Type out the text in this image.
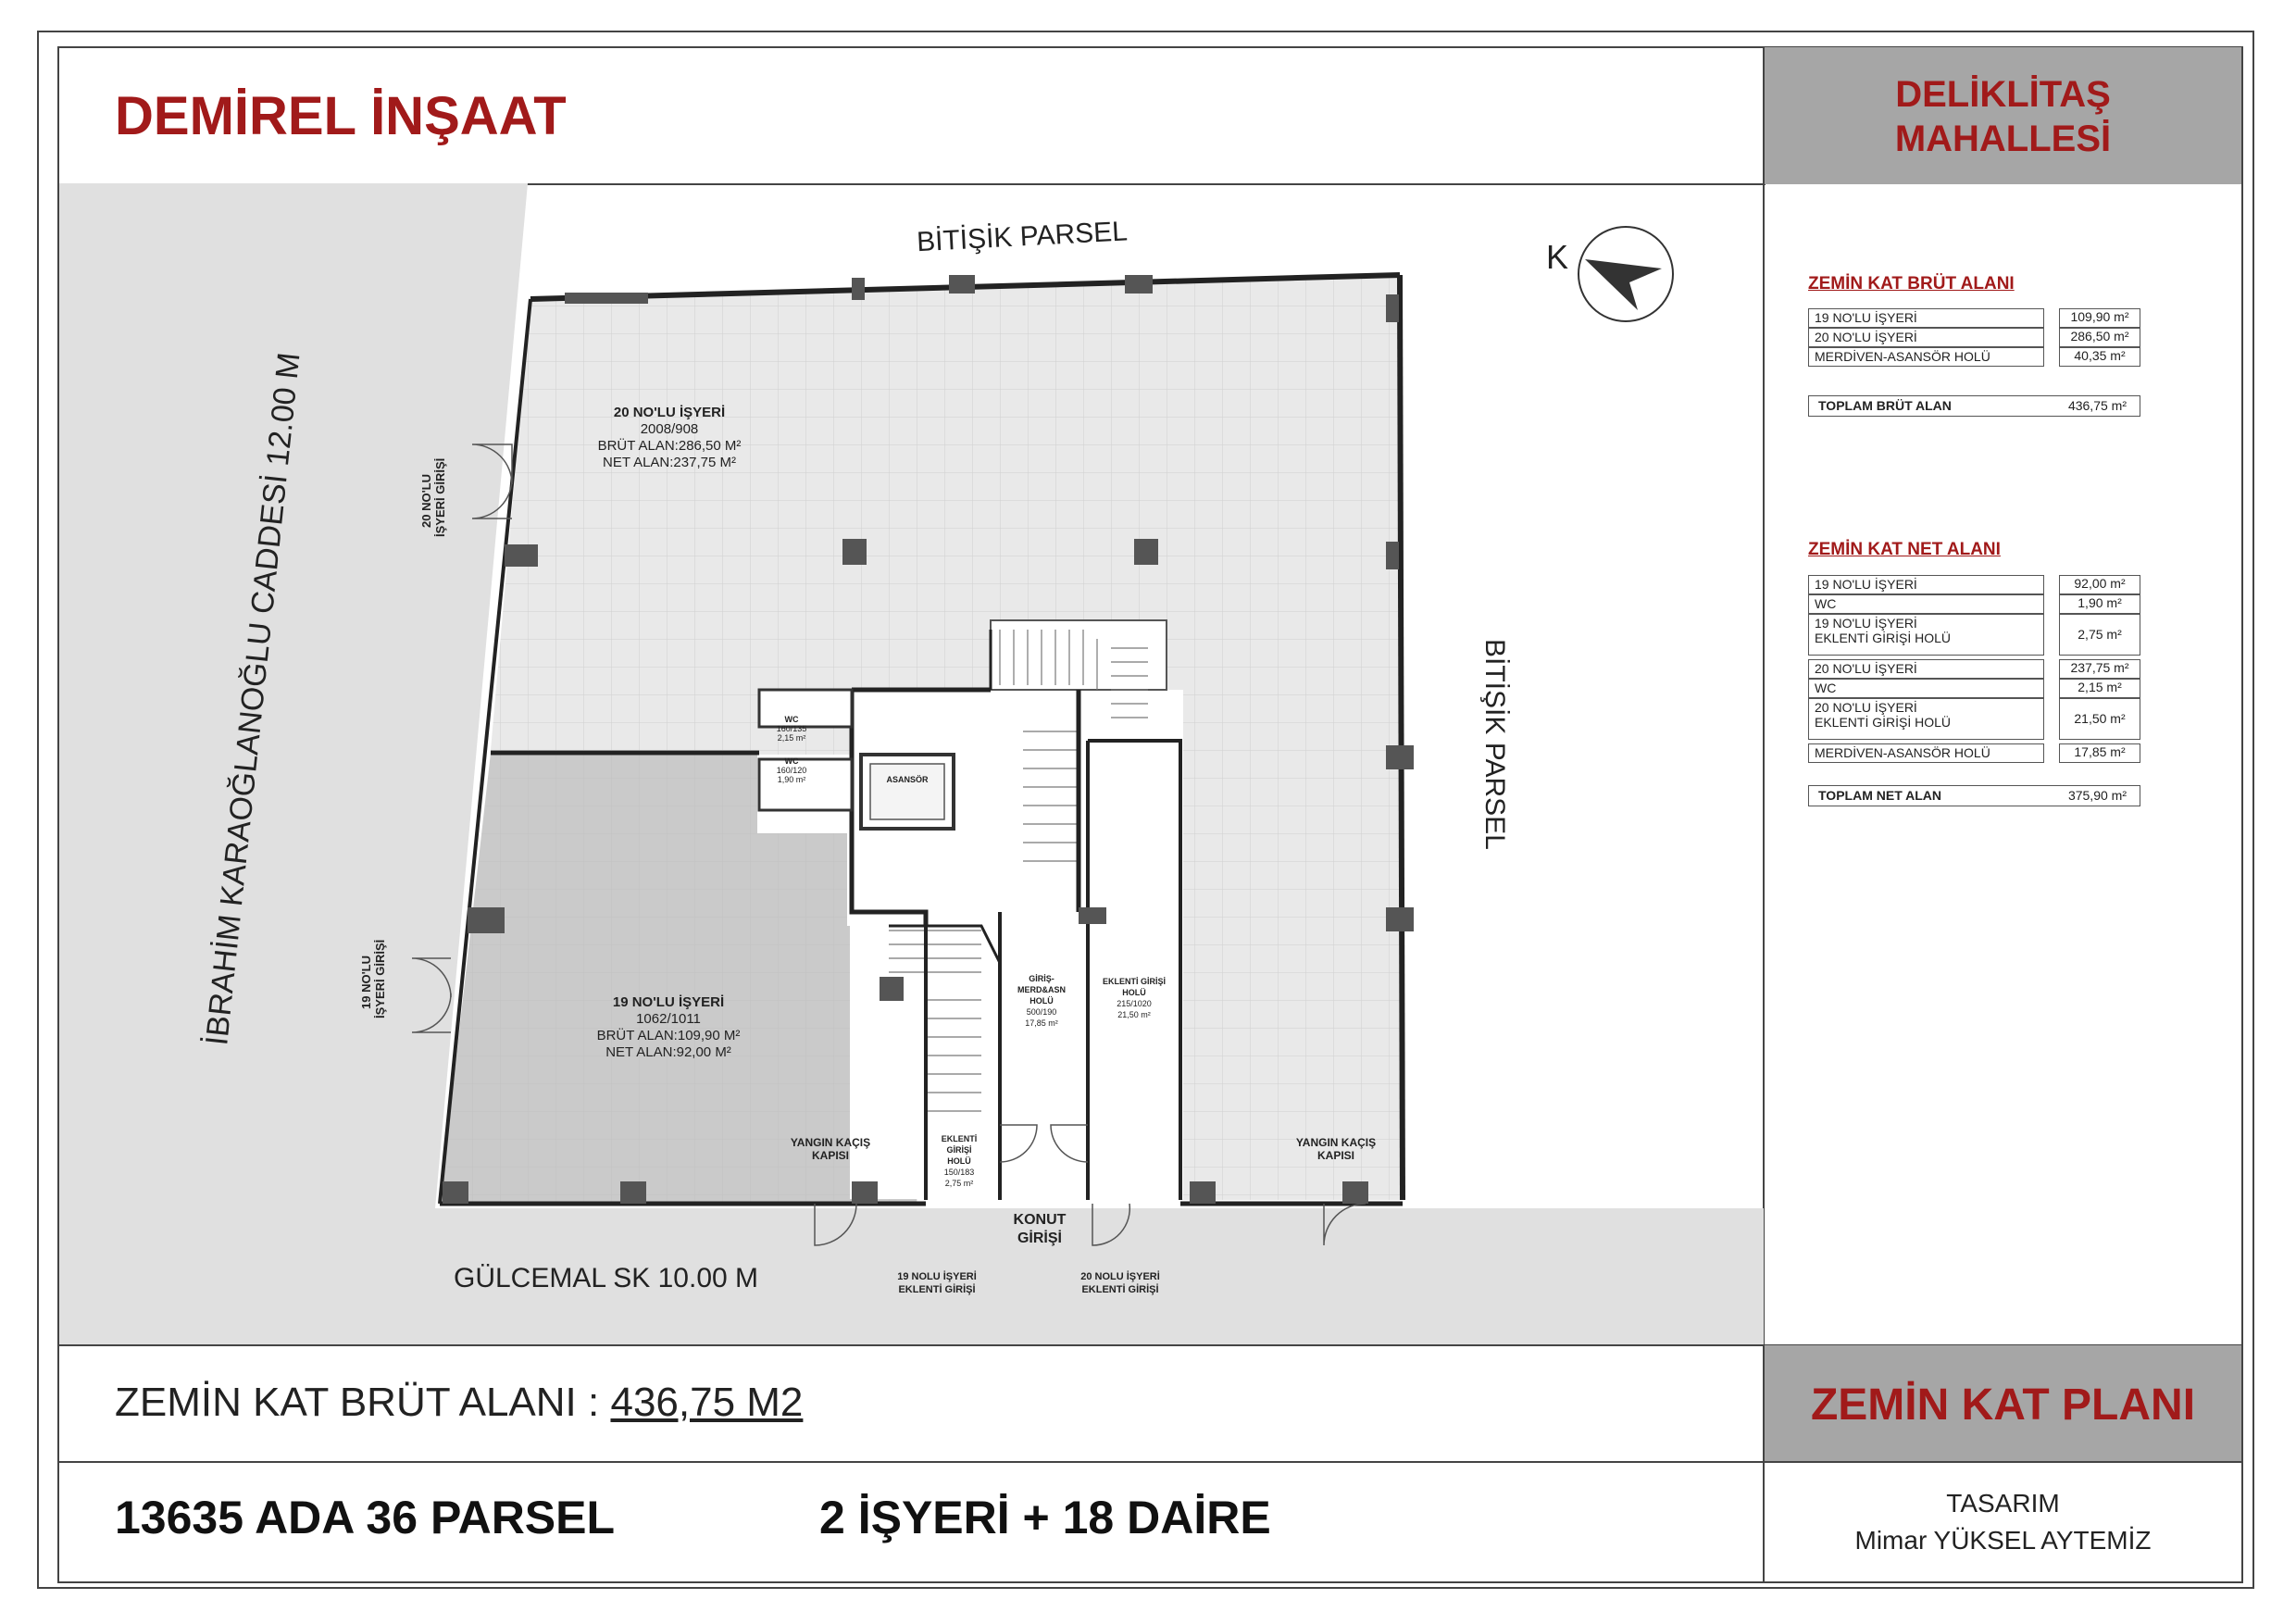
DEMİREL İNŞAAT	DELİKLİTAŞ
MAHALLESİ
K
BİTİŞİK PARSEL
BİTİŞİK PARSEL
İBRAHİM KARAOĞLANOĞLU CADDESİ 12.00 M
GÜLCEMAL SK 10.00 M
20 NO'LU İŞYERİ
2008/908
BRÜT ALAN:286,50 M²
NET ALAN:237,75 M²
19 NO'LU İŞYERİ
1062/1011
BRÜT ALAN:109,90 M²
NET ALAN:92,00 M²
20 NO'LU İŞYERİ GİRİŞİ
19 NO'LU İŞYERİ GİRİŞİ
YANGIN KAÇIŞ
KAPISI
YANGIN KAÇIŞ
KAPISI
WC
160/135
2,15 m²
WC
160/120
1,90 m²	ASANSÖR
GİRİŞ-
MERD&ASN
HOLÜ
500/190
17,85 m²
EKLENTİ GİRİŞİ
HOLÜ
215/1020
21,50 m²
EKLENTİ
GİRİŞİ
HOLÜ
150/183
2,75 m²
KONUT
GİRİŞİ
19 NOLU İŞYERİ
EKLENTİ GİRİŞİ
20 NOLU İŞYERİ
EKLENTİ GİRİŞİ
ZEMİN KAT BRÜT ALANI
19 NO'LU İŞYERİ	109,90 m²
20 NO'LU İŞYERİ	286,50 m²
MERDİVEN-ASANSÖR HOLÜ	40,35 m²
TOPLAM BRÜT ALAN	436,75 m²
ZEMİN KAT NET ALANI
19 NO'LU İŞYERİ	92,00 m²
WC	1,90 m²
19 NO'LU İŞYERİ
EKLENTİ GİRİŞİ HOLÜ	2,75 m²
20 NO'LU İŞYERİ	237,75 m²
WC	2,15 m²
20 NO'LU İŞYERİ
EKLENTİ GİRİŞİ HOLÜ	21,50 m²
MERDİVEN-ASANSÖR HOLÜ	17,85 m²
TOPLAM NET ALAN	375,90 m²
ZEMİN KAT BRÜT ALANI : 436,75 M2	ZEMİN KAT PLANI
13635 ADA 36 PARSEL	2 İŞYERİ + 18 DAİRE	TASARIM
Mimar YÜKSEL AYTEMİZ
